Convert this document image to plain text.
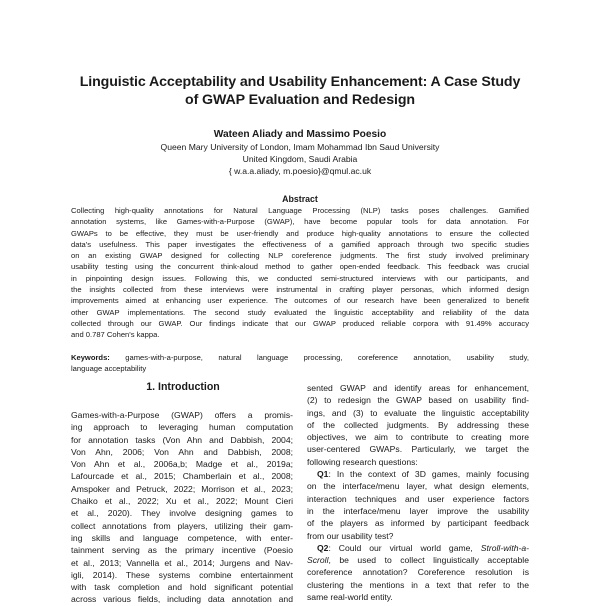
Linguistic Acceptability and Usability Enhancement: A Case Study
of GWAP Evaluation and Redesign
Wateen Aliady and Massimo Poesio
Queen Mary University of London, Imam Mohammad Ibn Saud University
United Kingdom, Saudi Arabia
{ w.a.a.aliady, m.poesio}@qmul.ac.uk
Abstract
Collecting high-quality annotations for Natural Language Processing (NLP) tasks poses challenges. Gamified
annotation systems, like Games-with-a-Purpose (GWAP), have become popular tools for data annotation. For
GWAPs to be effective, they must be user-friendly and produce high-quality annotations to ensure the collected
data's usefulness. This paper investigates the effectiveness of a gamified approach through two specific studies
on an existing GWAP designed for collecting NLP coreference judgments. The first study involved preliminary
usability testing using the concurrent think-aloud method to gather open-ended feedback. This feedback was crucial
in pinpointing design issues. Following this, we conducted semi-structured interviews with our participants, and
the insights collected from these interviews were instrumental in crafting player personas, which informed design
improvements aimed at enhancing user experience. The outcomes of our research have been generalized to benefit
other GWAP implementations. The second study evaluated the linguistic acceptability and reliability of the data
collected through our GWAP. Our findings indicate that our GWAP produced reliable corpora with 91.49% accuracy
and 0.787 Cohen's kappa.
Keywords: games-with-a-purpose, natural language processing, coreference annotation, usability study,
language acceptability
1. Introduction
Games-with-a-Purpose (GWAP) offers a promis-
ing approach to leveraging human computation
for annotation tasks (Von Ahn and Dabbish, 2004;
Von Ahn, 2006; Von Ahn and Dabbish, 2008;
Von Ahn et al., 2006a,b; Madge et al., 2019a;
Lafourcade et al., 2015; Chamberlain et al., 2008;
Amspoker and Petruck, 2022; Morrison et al., 2023;
Chaiko et al., 2022; Xu et al., 2022; Mount Cieri
et al., 2020). They involve designing games to
collect annotations from players, utilizing their gam-
ing skills and language competence, with enter-
tainment serving as the primary incentive (Poesio
et al., 2013; Vannella et al., 2014; Jurgens and Nav-
igli, 2014). These systems combine entertainment
with task completion and hold significant potential
across various fields, including data annotation and
sented GWAP and identify areas for enhancement,
(2) to redesign the GWAP based on usability find-
ings, and (3) to evaluate the linguistic acceptability
of the collected judgments. By addressing these
objectives, we aim to contribute to creating more
user-centered GWAPs. Particularly, we target the
following research questions:
Q1: In the context of 3D games, mainly focusing
on the interface/menu layer, what design elements,
interaction techniques and user experience factors
in the interface/menu layer improve the usability
of the players as informed by participant feedback
from our usability test?
Q2: Could our virtual world game, Stroll-with-a-
Scroll, be used to collect linguistically acceptable
coreference annotation? Coreference resolution is
clustering the mentions in a text that refer to the
same real-world entity.
